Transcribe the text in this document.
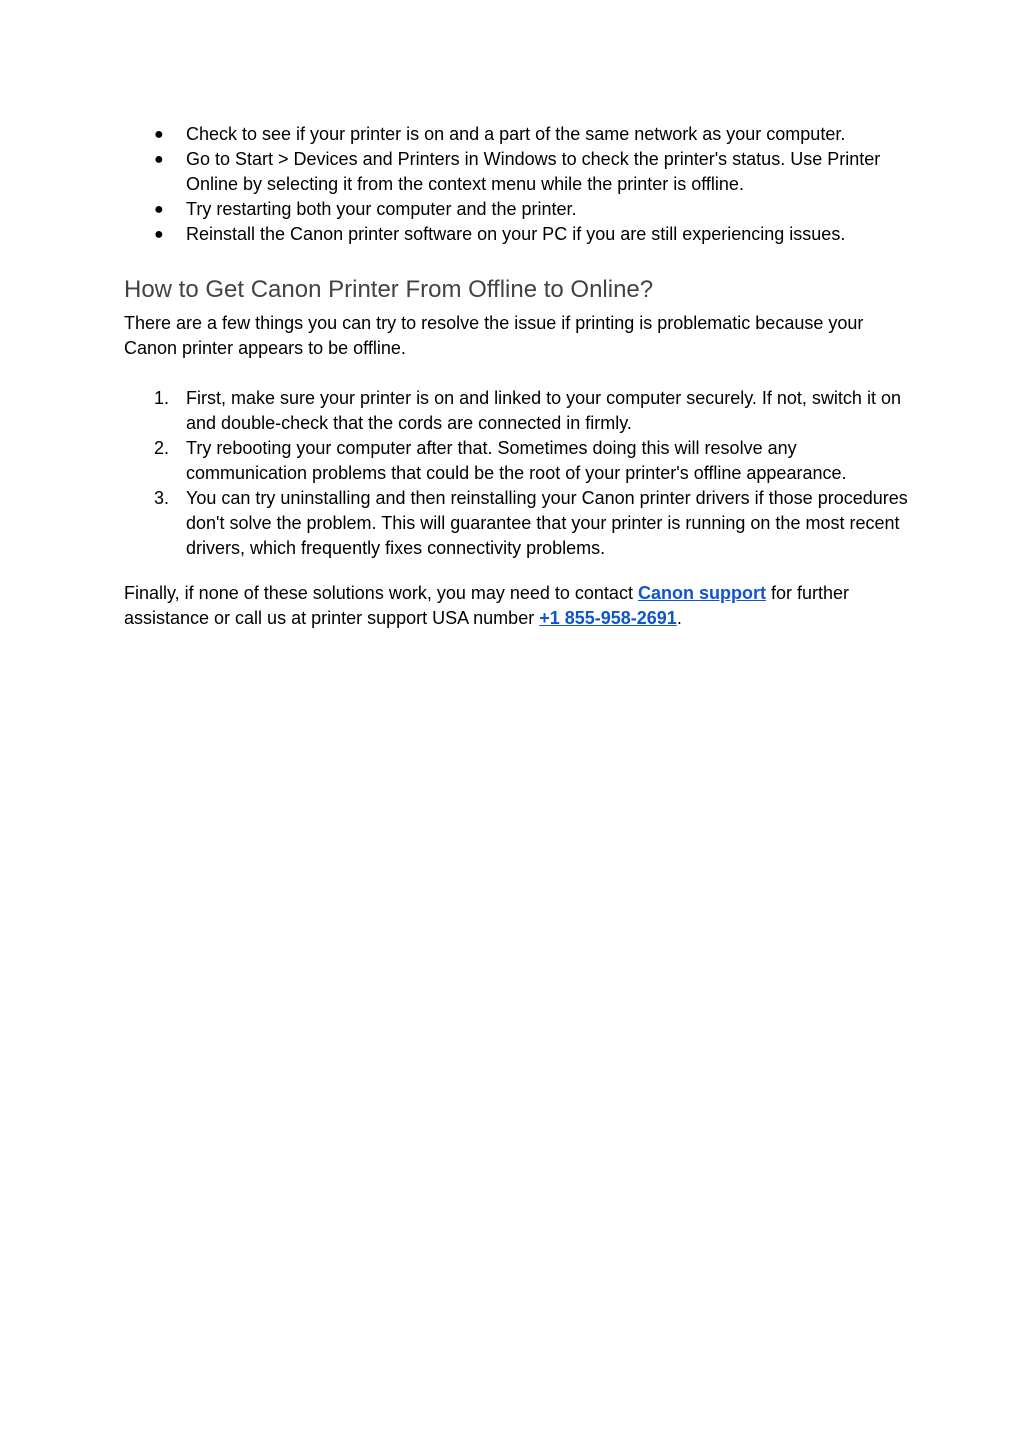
● Check to see if your printer is on and a part of the same network as your computer.
● Go to Start > Devices and Printers in Windows to check the printer's status. Use Printer Online by selecting it from the context menu while the printer is offline.
● Try restarting both your computer and the printer.
● Reinstall the Canon printer software on your PC if you are still experiencing issues.
How to Get Canon Printer From Offline to Online?

There are a few things you can try to resolve the issue if printing is problematic because your Canon printer appears to be offline.

1. First, make sure your printer is on and linked to your computer securely. If not, switch it on and double-check that the cords are connected in firmly.
2. Try rebooting your computer after that. Sometimes doing this will resolve any communication problems that could be the root of your printer's offline appearance.
3. You can try uninstalling and then reinstalling your Canon printer drivers if those procedures don't solve the problem. This will guarantee that your printer is running on the most recent drivers, which frequently fixes connectivity problems.

Finally, if none of these solutions work, you may need to contact Canon support for further assistance or call us at printer support USA number +1 855-958-2691.
